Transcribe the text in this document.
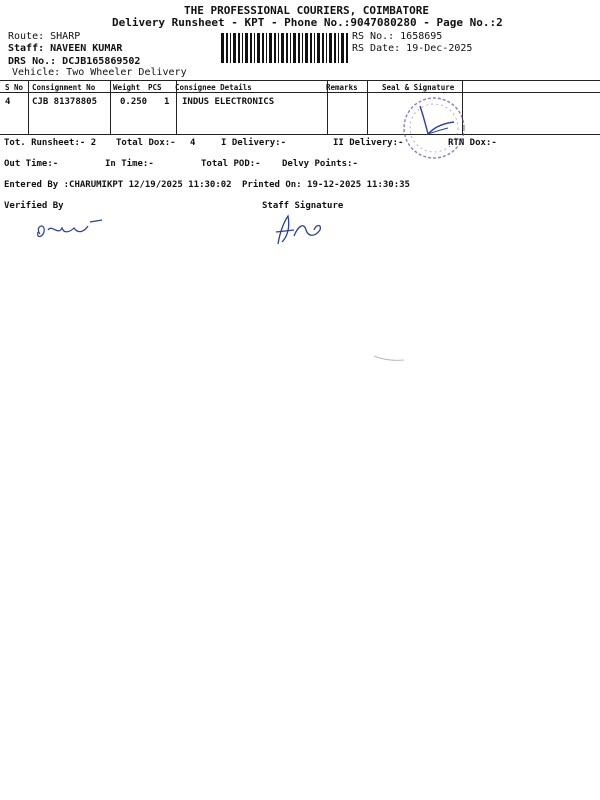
THE PROFESSIONAL COURIERS, COIMBATORE
Delivery Runsheet - KPT - Phone No.:9047080280 - Page No.:2
Route: SHARP
Staff: NAVEEN KUMAR
DRS No.: DCJB165869502
Vehicle: Two Wheeler Delivery
RS No.: 1658695
RS Date: 19-Dec-2025
S No Consignment No Weight PCS Consignee Details	Remarks	Seal & Signature
4 CJB 81378805	0.250 1 INDUS ELECTRONICS
Tot. Runsheet:- 2 Total Dox:- 4	I Delivery:-	II Delivery:-	RTN Dox:-
Out Time:-	In Time:-	Total POD:- Delvy Points:-
Entered By :CHARUMIKPT 12/19/2025 11:30:02 Printed On: 19-12-2025 11:30:35
Verified By	Staff Signature
